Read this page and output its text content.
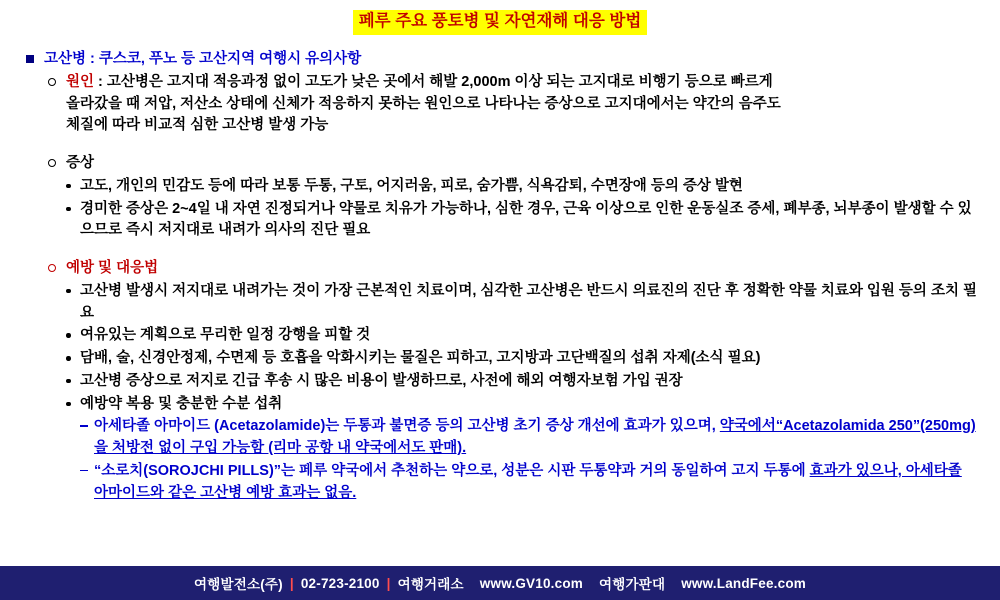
페루 주요 풍토병 및 자연재해 대응 방법
고산병 : 쿠스코, 푸노 등 고산지역 여행시 유의사항
원인 : 고산병은 고지대 적응과정 없이 고도가 낮은 곳에서 해발 2,000m 이상 되는 고지대로 비행기 등으로 빠르게
올라갔을 때 저압, 저산소 상태에 신체가 적응하지 못하는 원인으로 나타나는 증상으로 고지대에서는 약간의 음주도
체질에 따라 비교적 심한 고산병 발생 가능
증상
고도, 개인의 민감도 등에 따라 보통 두통, 구토, 어지러움, 피로, 숨가쁨, 식욕감퇴, 수면장애 등의 증상 발현
경미한 증상은 2~4일 내 자연 진정되거나 약물로 치유가 가능하나, 심한 경우, 근육 이상으로 인한 운동실조 증세, 폐부종, 뇌부종이 발생할 수 있으므로 즉시 저지대로 내려가 의사의 진단 필요
예방 및 대응법
고산병 발생시 저지대로 내려가는 것이 가장 근본적인 치료이며, 심각한 고산병은 반드시 의료진의 진단 후 정확한 약물 치료와 입원 등의 조치 필요
여유있는 계획으로 무리한 일정 강행을 피할 것
담배, 술, 신경안정제, 수면제 등 호흡을 악화시키는 물질은 피하고, 고지방과 고단백질의 섭취 자제(소식 필요)
고산병 증상으로 저지로 긴급 후송 시 많은 비용이 발생하므로, 사전에 해외 여행자보험 가입 권장
예방약 복용 및 충분한 수분 섭취
아세타졸 아마이드 (Acetazolamide)는 두통과 불면증 등의 고산병 초기 증상 개선에 효과가 있으며, 약국에서“Acetazolamida 250”(250mg)을 처방전 없이 구입 가능함 (리마 공항 내 약국에서도 판매).
“소로치(SOROJCHI PILLS)”는 페루 약국에서 추천하는 약으로, 성분은 시판 두통약과 거의 동일하여 고지 두통에 효과가 있으나, 아세타졸 아마이드와 같은 고산병 예방 효과는 없음.
여행발전소(주) | 02-723-2100 | 여행거래소 www.GV10.com 여행가판대 www.LandFee.com
